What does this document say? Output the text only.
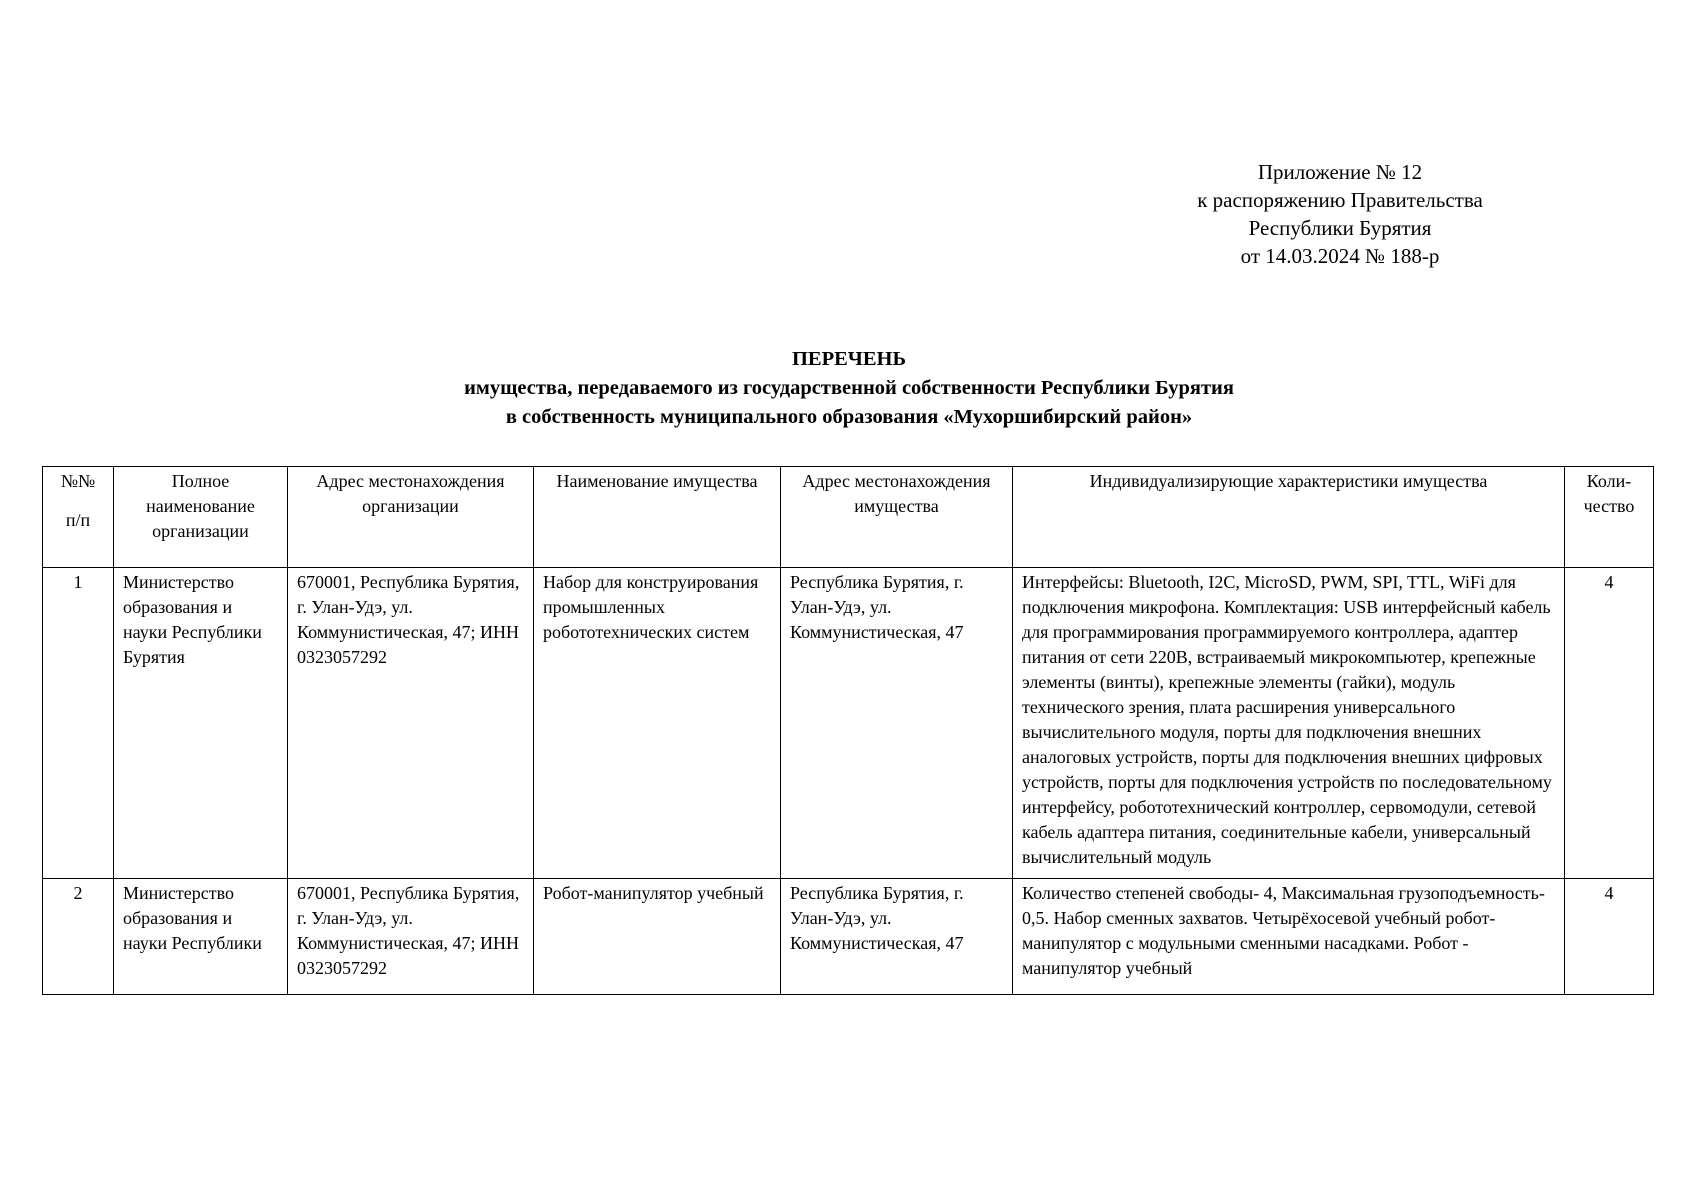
Приложение № 12
к распоряжению Правительства
Республики Бурятия
от 14.03.2024 № 188-р
ПЕРЕЧЕНЬ
имущества, передаваемого из государственной собственности Республики Бурятия
в собственность муниципального образования «Мухоршибирский район»
№№
п/п	Полное наименование организации	Адрес местонахождения организации	Наименование имущества	Адрес местонахождения имущества	Индивидуализирующие характеристики имущества	Коли-чество
1	Министерство образования и науки Республики Бурятия	670001, Республика Бурятия, г. Улан-Удэ, ул. Коммунистическая, 47; ИНН 0323057292	Набор для конструирования промышленных робототехнических систем	Республика Бурятия, г. Улан-Удэ, ул. Коммунистическая, 47	Интерфейсы: Bluetooth, I2C, MicroSD, PWM, SPI, TTL, WiFi для подключения микрофона. Комплектация: USB интерфейсный кабель для программирования программируемого контроллера, адаптер питания от сети 220В, встраиваемый микрокомпьютер, крепежные элементы (винты), крепежные элементы (гайки), модуль технического зрения, плата расширения универсального вычислительного модуля, порты для подключения внешних аналоговых устройств, порты для подключения внешних цифровых устройств, порты для подключения устройств по последовательному интерфейсу, робототехнический контроллер, сервомодули, сетевой кабель адаптера питания, соединительные кабели, универсальный вычислительный модуль	4
2	Министерство образования и науки Республики	670001, Республика Бурятия, г. Улан-Удэ, ул. Коммунистическая, 47; ИНН 0323057292	Робот-манипулятор учебный	Республика Бурятия, г. Улан-Удэ, ул. Коммунистическая, 47	Количество степеней свободы- 4, Максимальная грузоподъемность- 0,5. Набор сменных захватов. Четырёхосевой учебный робот-манипулятор с модульными сменными насадками. Робот - манипулятор учебный	4
